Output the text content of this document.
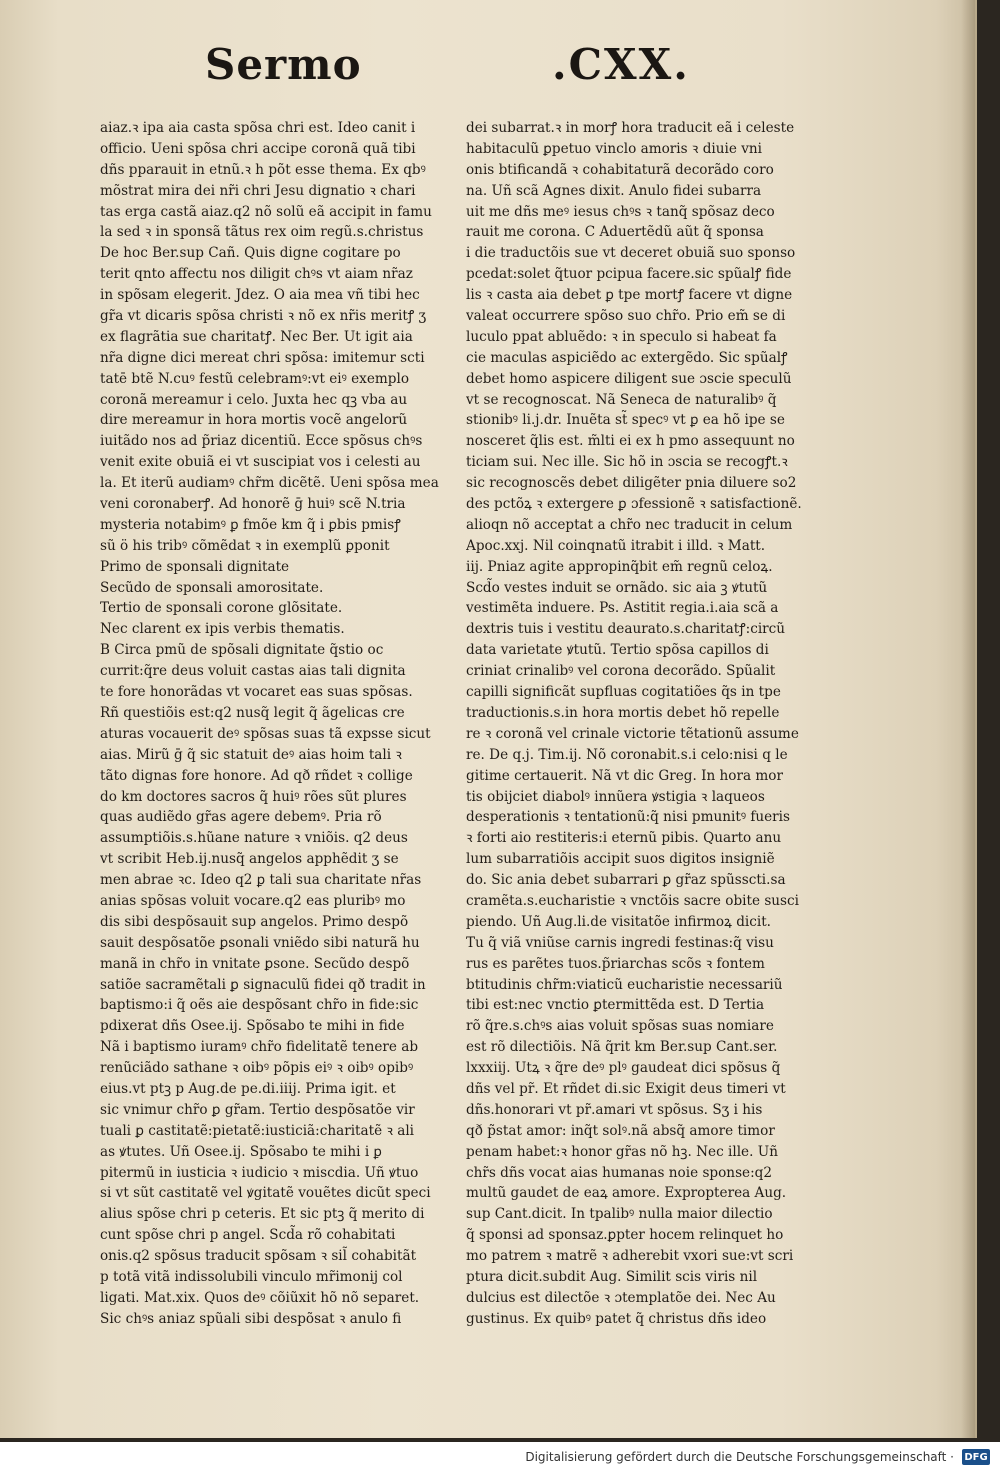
Sermo	.CXX.
aiaz.ꝛ ipa aia casta spõsa chri est. Ideo canit i
officio. Ueni spõsa chri accipe coronã quã tibi
dñs pparauit in etnũ.ꝛ h põt esse thema. Ex qbꝰ
mõstrat mira dei nr̃i chri Jesu dignatio ꝛ chari
tas erga castã aiaz.q2 nõ solũ eã accipit in famu
la sed ꝛ in sponsã tãtus rex oim regũ.s.christus
De hoc Ber.sup Cañ. Quis digne cogitare po
terit qnto affectu nos diligit chꝰs vt aiam nr̃az
in spõsam elegerit. Jdez. O aia mea vñ tibi hec
gr̃a vt dicaris spõsa christi ꝛ nõ ex nr̃is meritꝭ ʒ
ex flagrãtia sue charitatꝭ. Nec Ber. Ut igit aia
nr̃a digne dici mereat chri spõsa: imitemur scti
tatē btẽ N.cuꝰ festũ celebramꝰ:vt eiꝰ exemplo
coronã mereamur i celo. Juxta hec qꝫ vba au
dire mereamur in hora mortis vocẽ angelorũ
iuitãdo nos ad p̃riaz dicentiũ. Ecce spõsus chꝰs
venit exite obuiã ei vt suscipiat vos i celesti au
la. Et iterũ audiamꝰ chr̃m dicẽtẽ. Ueni spõsa mea
veni coronaberꝭ. Ad honorẽ ḡ huiꝰ scẽ N.tria
mysteria notabimꝰ ꝑ fmõe km q̃ i ꝑbis pmisꝭ
sũ ö his tribꝰ cõmẽdat ꝛ in exemplũ ꝑponit
Primo de sponsali dignitate
Secũdo de sponsali amorositate.
Tertio de sponsali corone glõsitate.
Nec clarent ex ipis verbis thematis.
B Circa pmũ de spõsali dignitate q̃stio oc
currit:q̃re deus voluit castas aias tali dignita
te fore honorãdas vt vocaret eas suas spõsas.
Rñ questiõis est:q2 nusq̃ legit q̃ ãgelicas cre
aturas vocauerit deꝰ spõsas suas tã expsse sicut
aias. Mirũ ḡ q̃ sic statuit deꝰ aias hoim tali ꝛ
tãto dignas fore honore. Ad qð rñdet ꝛ collige
do km doctores sacros q̃ huiꝰ rões sũt plures
quas audiẽdo gr̃as agere debemꝰ. Pria rõ
assumptiõis.s.hũane nature ꝛ vniõis. q2 deus
vt scribit Heb.ij.nusq̃ angelos apphẽdit ʒ se
men abrae ꝛc. Ideo q2 ꝑ tali sua charitate nr̃as
anias spõsas voluit vocare.q2 eas pluribꝰ mo
dis sibi despõsauit sup angelos. Primo despõ
sauit despõsatõe ꝑsonali vniẽdo sibi naturã hu
manã in chr̃o in vnitate ꝑsone. Secũdo despõ
satiõe sacramẽtali ꝑ signaculũ fidei qð tradit in
baptismo:i q̃ oẽs aie despõsant chr̃o in fide:sic
pdixerat dñs Osee.ij. Spõsabo te mihi in fide
Nã i baptismo iuramꝰ chr̃o fidelitatẽ tenere ab
renũciãdo sathane ꝛ oibꝰ põpis eiꝰ ꝛ oibꝰ opibꝰ
eius.vt ptꝫ p Aug.de pe.di.iiij. Prima igit. et
sic vnimur chr̃o ꝑ gr̃am. Tertio despõsatõe vir
tuali ꝑ castitatẽ:pietatẽ:iusticiã:charitatẽ ꝛ ali
as ꝟtutes. Uñ Osee.ij. Spõsabo te mihi i ꝑ
pitermũ in iusticia ꝛ iudicio ꝛ miscdia. Uñ ꝟtuo
si vt sũt castitatẽ vel ꝟgitatẽ vouẽtes dicũt speci
alius spõse chri p ceteris. Et sic ptꝫ q̃ merito di
cunt spõse chri p angel. Scd̃a rõ cohabitati
onis.q2 spõsus traducit spõsam ꝛ sil̃ cohabitãt
p totã vitã indissolubili vinculo mr̃imonij col
ligati. Mat.xix. Quos deꝰ cõiũxit hõ nõ separet.
Sic chꝰs aniaz spũali sibi despõsat ꝛ anulo fi
dei subarrat.ꝛ in morꝭ hora traducit eã i celeste
habitaculũ ꝑpetuo vinclo amoris ꝛ diuie vni
onis btificandã ꝛ cohabitaturã decorãdo coro
na. Uñ scã Agnes dixit. Anulo fidei subarra
uit me dñs meꝰ iesus chꝰs ꝛ tanq̃ spõsaz deco
rauit me corona. C Aduertẽdũ aũt q̃ sponsa
i die traductõis sue vt deceret obuiã suo sponso
pcedat:solet q̃tuor pcipua facere.sic spũalꝭ fide
lis ꝛ casta aia debet ꝑ tpe mortꝭ facere vt digne
valeat occurrere spõso suo chr̃o. Prio em̃ se di
luculo ppat abluẽdo: ꝛ in speculo si habeat fa
cie maculas aspiciẽdo ac extergẽdo. Sic spũalꝭ
debet homo aspicere diligent sue ɔscie speculũ
vt se recognoscat. Nã Seneca de naturalibꝰ q̃
stionibꝰ li.j.dr. Inuẽta st̃ specꝰ vt ꝑ ea hõ ipe se
nosceret q̃lis est. m̃lti ei ex h pmo assequunt no
ticiam sui. Nec ille. Sic hõ in ɔscia se recogꝭt.ꝛ
sic recognoscẽs debet diligẽter pnia diluere so2
des pctõꝝ ꝛ extergere ꝑ ɔfessionẽ ꝛ satisfactionẽ.
alioqn nõ acceptat a chr̃o nec traducit in celum
Apoc.xxj. Nil coinqnatũ itrabit i illd. ꝛ Matt.
iij. Pniaz agite appropinq̃bit em̃ regnũ celoꝝ.
Scd̃o vestes induit se ornãdo. sic aia ꝫ ꝟtutũ
vestimẽta induere. Ps. Astitit regia.i.aia scã a
dextris tuis i vestitu deaurato.s.charitatꝭ:circũ
data varietate ꝟtutũ. Tertio spõsa capillos di
criniat crinalibꝰ vel corona decorãdo. Spũalit
capilli significãt supfluas cogitatiões q̃s in tpe
traductionis.s.in hora mortis debet hõ repelle
re ꝛ coronã vel crinale victorie tẽtationũ assume
re. De q.j. Tim.ij. Nõ coronabit.s.i celo:nisi q le
gitime certauerit. Nã vt dic Greg. In hora mor
tis obijciet diabolꝰ innũera ꝟstigia ꝛ laqueos
desperationis ꝛ tentationũ:q̃ nisi pmunitꝰ fueris
ꝛ forti aio restiteris:i eternũ pibis. Quarto anu
lum subarratiõis accipit suos digitos insigniẽ
do. Sic ania debet subarrari ꝑ gr̃az spũsscti.sa
cramẽta.s.eucharistie ꝛ vnctõis sacre obite susci
piendo. Uñ Aug.li.de visitatõe infirmoꝝ dicit.
Tu q̃ viã vniũse carnis ingredi festinas:q̃ visu
rus es parẽtes tuos.p̃riarchas scõs ꝛ fontem
btitudinis chr̃m:viaticũ eucharistie necessariũ
tibi est:nec vnctio ꝑtermittẽda est. D Tertia
rõ q̃re.s.chꝰs aias voluit spõsas suas nomiare
est rõ dilectiõis. Nã q̃rit km Ber.sup Cant.ser.
lxxxiij. Utꝝ ꝛ q̃re deꝰ plꝰ gaudeat dici spõsus q̃
dñs vel pr̃. Et rñdet di.sic Exigit deus timeri vt
dñs.honorari vt pr̃.amari vt spõsus. Sʒ i his
qð p̃stat amor: inq̃t solꝰ.nã absq̃ amore timor
penam habet:ꝛ honor gr̃as nõ hꝫ. Nec ille. Uñ
chr̃s dñs vocat aias humanas noie sponse:q2
multũ gaudet de eaꝝ amore. Expropterea Aug.
sup Cant.dicit. In tpalibꝰ nulla maior dilectio
q̃ sponsi ad sponsaz.ꝑpter hocem relinquet ho
mo patrem ꝛ matrẽ ꝛ adherebit vxori sue:vt scri
ptura dicit.subdit Aug. Similit scis viris nil
dulcius est dilectõe ꝛ ɔtemplatõe dei. Nec Au
gustinus. Ex quibꝰ patet q̃ christus dñs ideo
Digitalisierung gefördert durch die Deutsche Forschungsgemeinschaft · DFG
